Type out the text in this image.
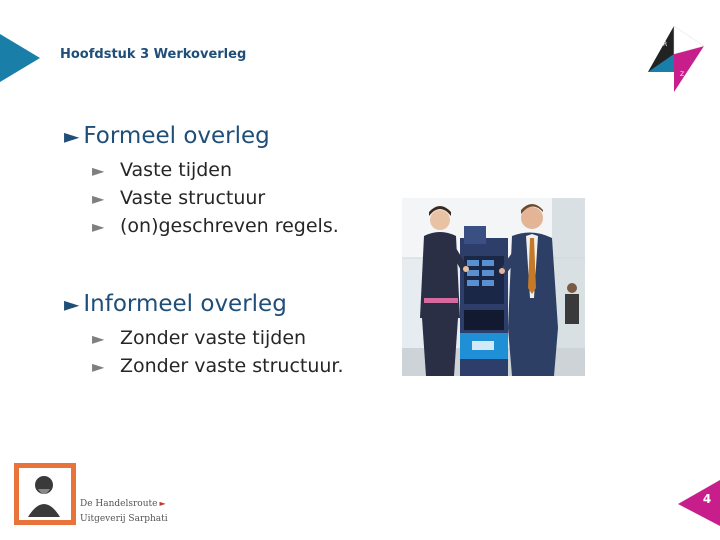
Hoofdstuk 3 Werkoverleg
R
3
Z
► Formeel overleg
► Vaste tijden
► Vaste structuur
► (on)geschreven regels.
► Informeel overleg
► Zonder vaste tijden
► Zonder vaste structuur.
De Handelsroute ►
Uitgeverij Sarphati
4
